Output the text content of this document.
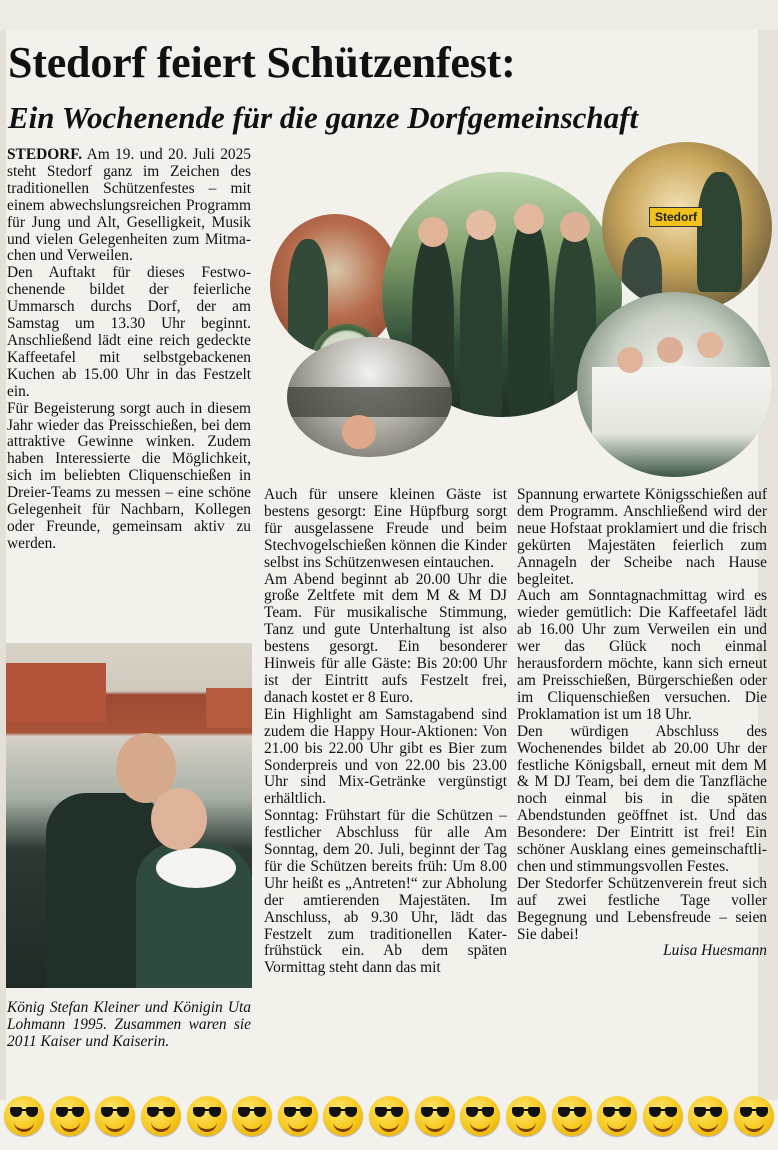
Stedorf feiert Schützenfest:
Ein Wochenende für die ganze Dorfgemeinschaft

STEDORF. Am 19. und 20. Juli 2025 steht Stedorf ganz im Zeichen des traditionellen Schützenfestes – mit einem abwechslungsreichen Programm für Jung und Alt, Geselligkeit, Musik und vielen Gelegenheiten zum Mitmachen und Verweilen.

Den Auftakt für dieses Festwochenende bildet der feierliche Ummarsch durchs Dorf, der am Samstag um 13.30 Uhr beginnt. Anschließend lädt eine reich gedeckte Kaffeetafel mit selbstgebackenen Kuchen ab 15.00 Uhr in das Festzelt ein.

Für Begeisterung sorgt auch in diesem Jahr wieder das Preisschießen, bei dem attraktive Gewinne winken. Zudem haben Interessierte die Möglichkeit, sich im beliebten Cliquenschießen in Dreier-Teams zu messen – eine schöne Gelegenheit für Nachbarn, Kollegen oder Freunde, gemeinsam aktiv zu werden.

Stedorf

Auch für unsere kleinen Gäste ist bestens gesorgt: Eine Hüpfburg sorgt für ausgelassene Freude und beim Stechvogelschießen können die Kinder selbst ins Schützenwesen eintauchen.

Am Abend beginnt ab 20.00 Uhr die große Zeltfete mit dem M & M DJ Team. Für musikalische Stimmung, Tanz und gute Unterhaltung ist also bestens gesorgt. Ein besonderer Hinweis für alle Gäste: Bis 20:00 Uhr ist der Eintritt aufs Festzelt frei, danach kostet er 8 Euro.

Ein Highlight am Samstagabend sind zudem die Happy Hour-Aktionen: Von 21.00 bis 22.00 Uhr gibt es Bier zum Sonderpreis und von 22.00 bis 23.00 Uhr sind Mix-Getränke vergünstigt erhältlich.

Sonntag: Frühstart für die Schützen – festlicher Abschluss für alle Am Sonntag, dem 20. Juli, beginnt der Tag für die Schützen bereits früh: Um 8.00 Uhr heißt es „Antreten!“ zur Abholung der amtierenden Majestäten. Im Anschluss, ab 9.30 Uhr, lädt das Festzelt zum traditionellen Katerfrühstück ein. Ab dem späten Vormittag steht dann das mit

Spannung erwartete Königsschießen auf dem Programm. Anschließend wird der neue Hofstaat proklamiert und die frisch gekürten Majestäten feierlich zum Annageln der Scheibe nach Hause begleitet.

Auch am Sonntagnachmittag wird es wieder gemütlich: Die Kaffeetafel lädt ab 16.00 Uhr zum Verweilen ein und wer das Glück noch einmal herausfordern möchte, kann sich erneut am Preisschießen, Bürgerschießen oder im Cliquenschießen versuchen. Die Proklamation ist um 18 Uhr.

Den würdigen Abschluss des Wochenendes bildet ab 20.00 Uhr der festliche Königsball, erneut mit dem M & M DJ Team, bei dem die Tanzfläche noch einmal bis in die späten Abendstunden geöffnet ist. Und das Besondere: Der Eintritt ist frei! Ein schöner Ausklang eines gemeinschaftlichen und stimmungsvollen Festes.

Der Stedorfer Schützenverein freut sich auf zwei festliche Tage voller Begegnung und Lebensfreude – seien Sie dabei!

Luisa Huesmann

König Stefan Kleiner und Königin Uta Lohmann 1995. Zusammen waren sie 2011 Kaiser und Kaiserin.
